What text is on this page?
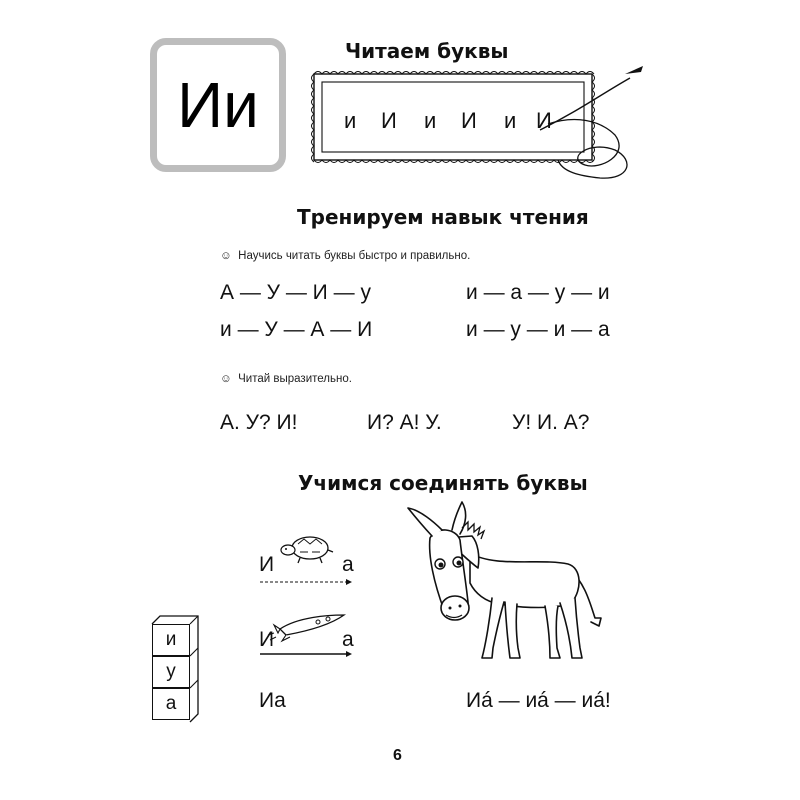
Ии
Читаем буквы
и И и И и И
Тренируем навык чтения
☺ Научись читать буквы быстро и правильно.
А — У — И — у	и — а — у — и
и — У — А — И	и — у — и — а
☺ Читай выразительно.
А. У? И!	И? А! У.	У! И. А?
Учимся соединять буквы
И	а
И	а
Иа	Иá — иá — иá!
и
у
а
6
